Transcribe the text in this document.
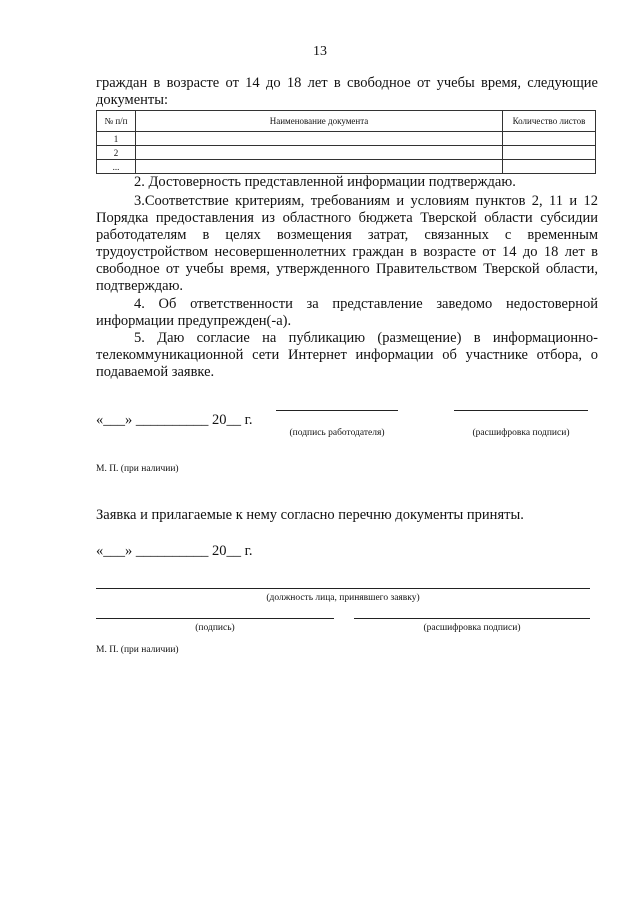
13
граждан в возрасте от 14 до 18 лет в свободное от учебы время, следующие документы:
№ п/п	Наименование документа	Количество листов
1		
2		
...		
2. Достоверность представленной информации подтверждаю.
3.Соответствие критериям, требованиям и условиям пунктов 2, 11 и 12 Порядка предоставления из областного бюджета Тверской области субсидии работодателям в целях возмещения затрат, связанных с временным трудоустройством несовершеннолетних граждан в возрасте от 14 до 18 лет в свободное от учебы время, утвержденного Правительством Тверской области, подтверждаю.
4. Об ответственности за представление заведомо недостоверной информации предупрежден(-а).
5. Даю согласие на публикацию (размещение) в информационно-телекоммуникационной сети Интернет информации об участнике отбора, о подаваемой заявке.
«___» __________ 20__ г.
(подпись работодателя)	(расшифровка подписи)
М. П. (при наличии)
Заявка и прилагаемые к нему согласно перечню документы приняты.
«___» __________ 20__ г.
(должность лица, принявшего заявку)
(подпись)	(расшифровка подписи)
М. П. (при наличии)
